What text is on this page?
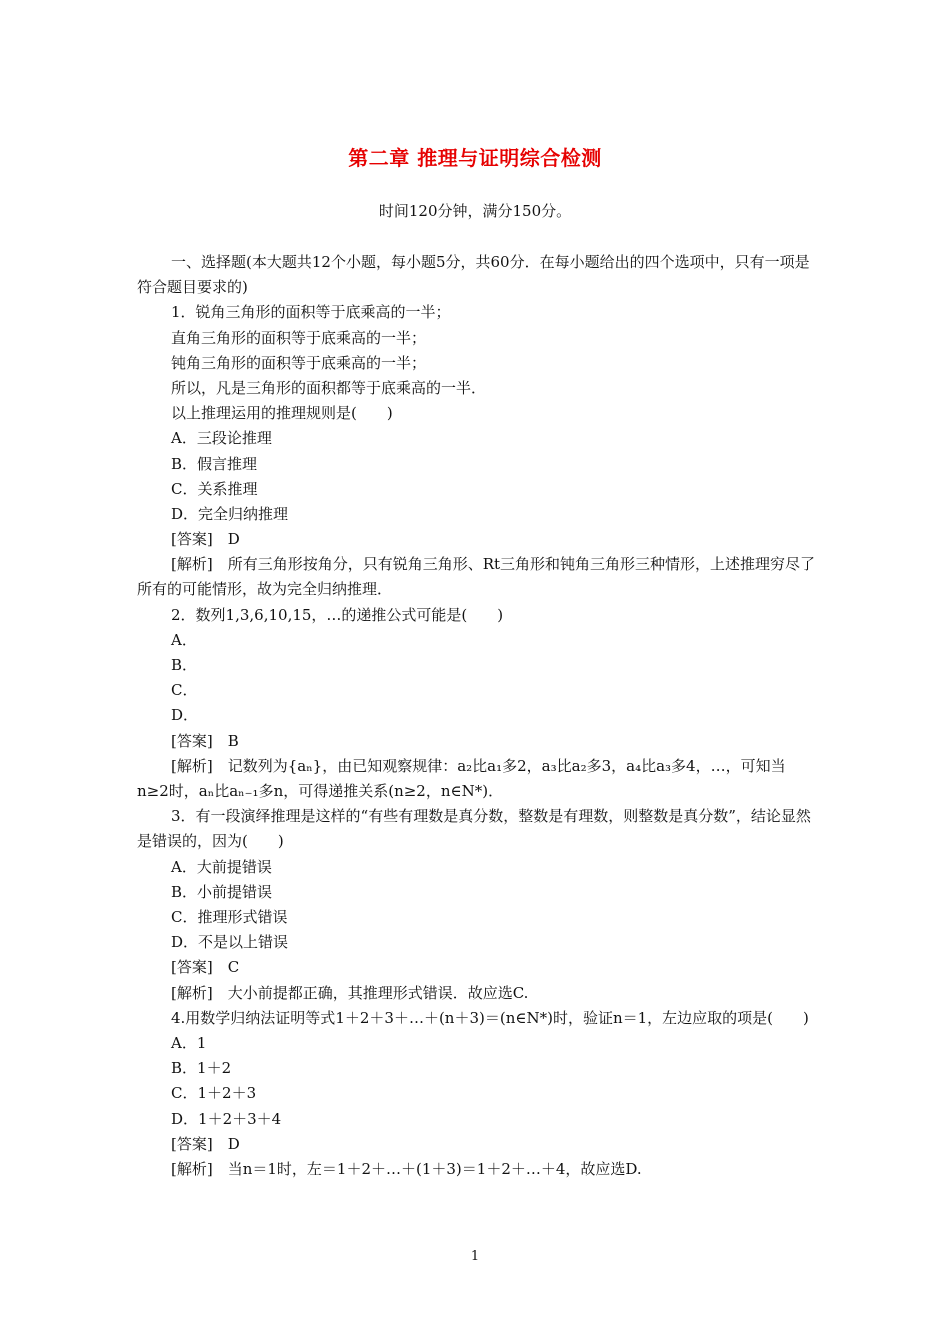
第二章 推理与证明综合检测
时间120分钟，满分150分。
一、选择题(本大题共12个小题，每小题5分，共60分．在每小题给出的四个选项中，只有一项是符合题目要求的)
1．锐角三角形的面积等于底乘高的一半；
直角三角形的面积等于底乘高的一半；
钝角三角形的面积等于底乘高的一半；
所以，凡是三角形的面积都等于底乘高的一半．
以上推理运用的推理规则是(　　)
A．三段论推理
B．假言推理
C．关系推理
D．完全归纳推理
[答案]　D
[解析]　所有三角形按角分，只有锐角三角形、Rt三角形和钝角三角形三种情形，上述推理穷尽了所有的可能情形，故为完全归纳推理．
2．数列1,3,6,10,15，…的递推公式可能是(　　)
A．
B．
C．
D．
[答案]　B
[解析]　记数列为{aₙ}，由已知观察规律：a₂比a₁多2，a₃比a₂多3，a₄比a₃多4，…，可知当n≥2时，aₙ比aₙ₋₁多n，可得递推关系(n≥2，n∈N*)．
3．有一段演绎推理是这样的“有些有理数是真分数，整数是有理数，则整数是真分数”，结论显然是错误的，因为(　　)
A．大前提错误
B．小前提错误
C．推理形式错误
D．不是以上错误
[答案]　C
[解析]　大小前提都正确，其推理形式错误．故应选C.
4.用数学归纳法证明等式1＋2＋3＋…＋(n＋3)＝(n∈N*)时，验证n＝1，左边应取的项是(　　)
A．1
B．1＋2
C．1＋2＋3
D．1＋2＋3＋4
[答案]　D
[解析]　当n＝1时，左＝1＋2＋…＋(1＋3)＝1＋2＋…＋4，故应选D.
1
